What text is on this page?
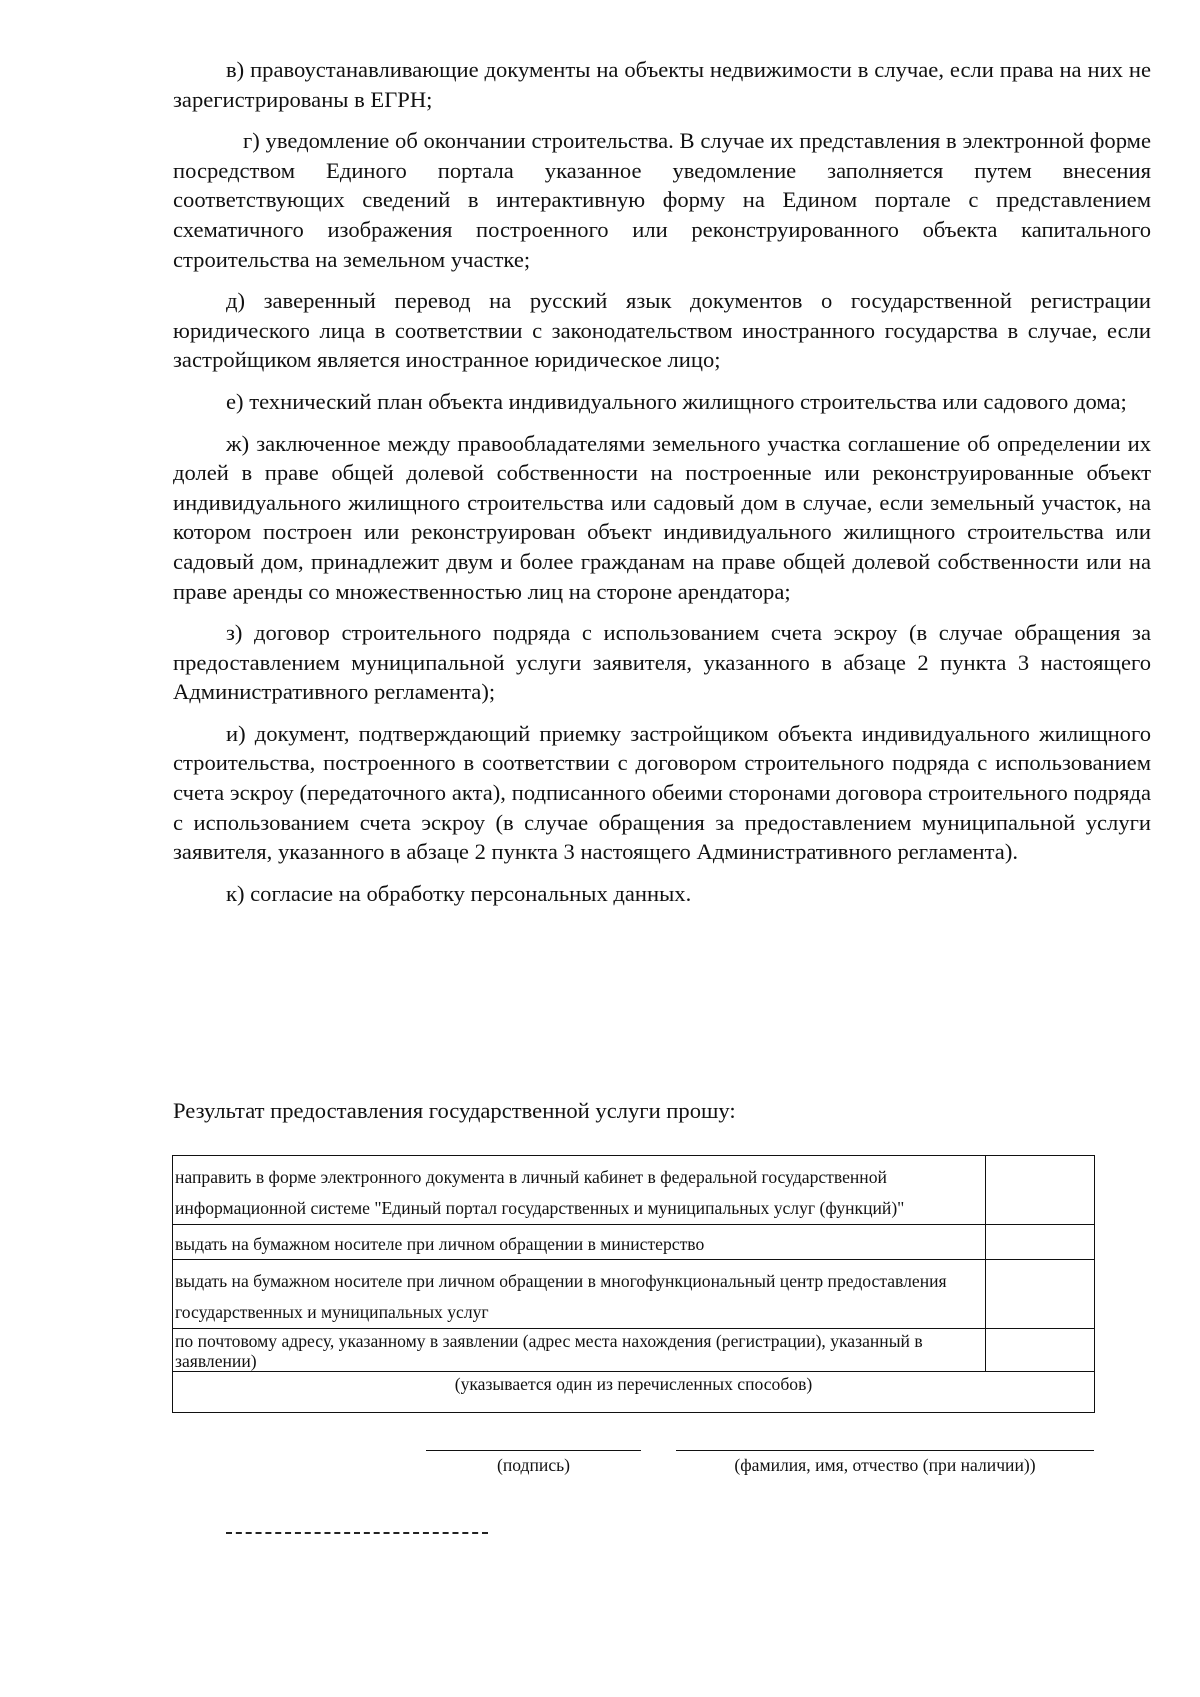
в) правоустанавливающие документы на объекты недвижимости в случае, если права на них не зарегистрированы в ЕГРН;

г) уведомление об окончании строительства. В случае их представления в электронной форме посредством Единого портала указанное уведомление заполняется путем внесения соответствующих сведений в интерактивную форму на Едином портале с представлением схематичного изображения построенного или реконструированного объекта капитального строительства на земельном участке;

д) заверенный перевод на русский язык документов о государственной регистрации юридического лица в соответствии с законодательством иностранного государства в случае, если застройщиком является иностранное юридическое лицо;

е) технический план объекта индивидуального жилищного строительства или садового дома;

ж) заключенное между правообладателями земельного участка соглашение об определении их долей в праве общей долевой собственности на построенные или реконструированные объект индивидуального жилищного строительства или садовый дом в случае, если земельный участок, на котором построен или реконструирован объект индивидуального жилищного строительства или садовый дом, принадлежит двум и более гражданам на праве общей долевой собственности или на праве аренды со множественностью лиц на стороне арендатора;

з) договор строительного подряда с использованием счета эскроу (в случае обращения за предоставлением муниципальной услуги заявителя, указанного в абзаце 2 пункта 3 настоящего Административного регламента);

и) документ, подтверждающий приемку застройщиком объекта индивидуального жилищного строительства, построенного в соответствии с договором строительного подряда с использованием счета эскроу (передаточного акта), подписанного обеими сторонами договора строительного подряда с использованием счета эскроу (в случае обращения за предоставлением муниципальной услуги заявителя, указанного в абзаце 2 пункта 3 настоящего Административного регламента).

к) согласие на обработку персональных данных.

Результат предоставления государственной услуги прошу:
направить в форме электронного документа в личный кабинет в федеральной государственной информационной системе "Единый портал государственных и муниципальных услуг (функций)"	

выдать на бумажном носителе при личном обращении в министерство	

выдать на бумажном носителе при личном обращении в многофункциональный центр предоставления государственных и муниципальных услуг	

по почтовому адресу, указанному в заявлении (адрес места нахождения (регистрации), указанный в заявлении)	

(указывается один из перечисленных способов)	
(подпись)	(фамилия, имя, отчество (при наличии))
